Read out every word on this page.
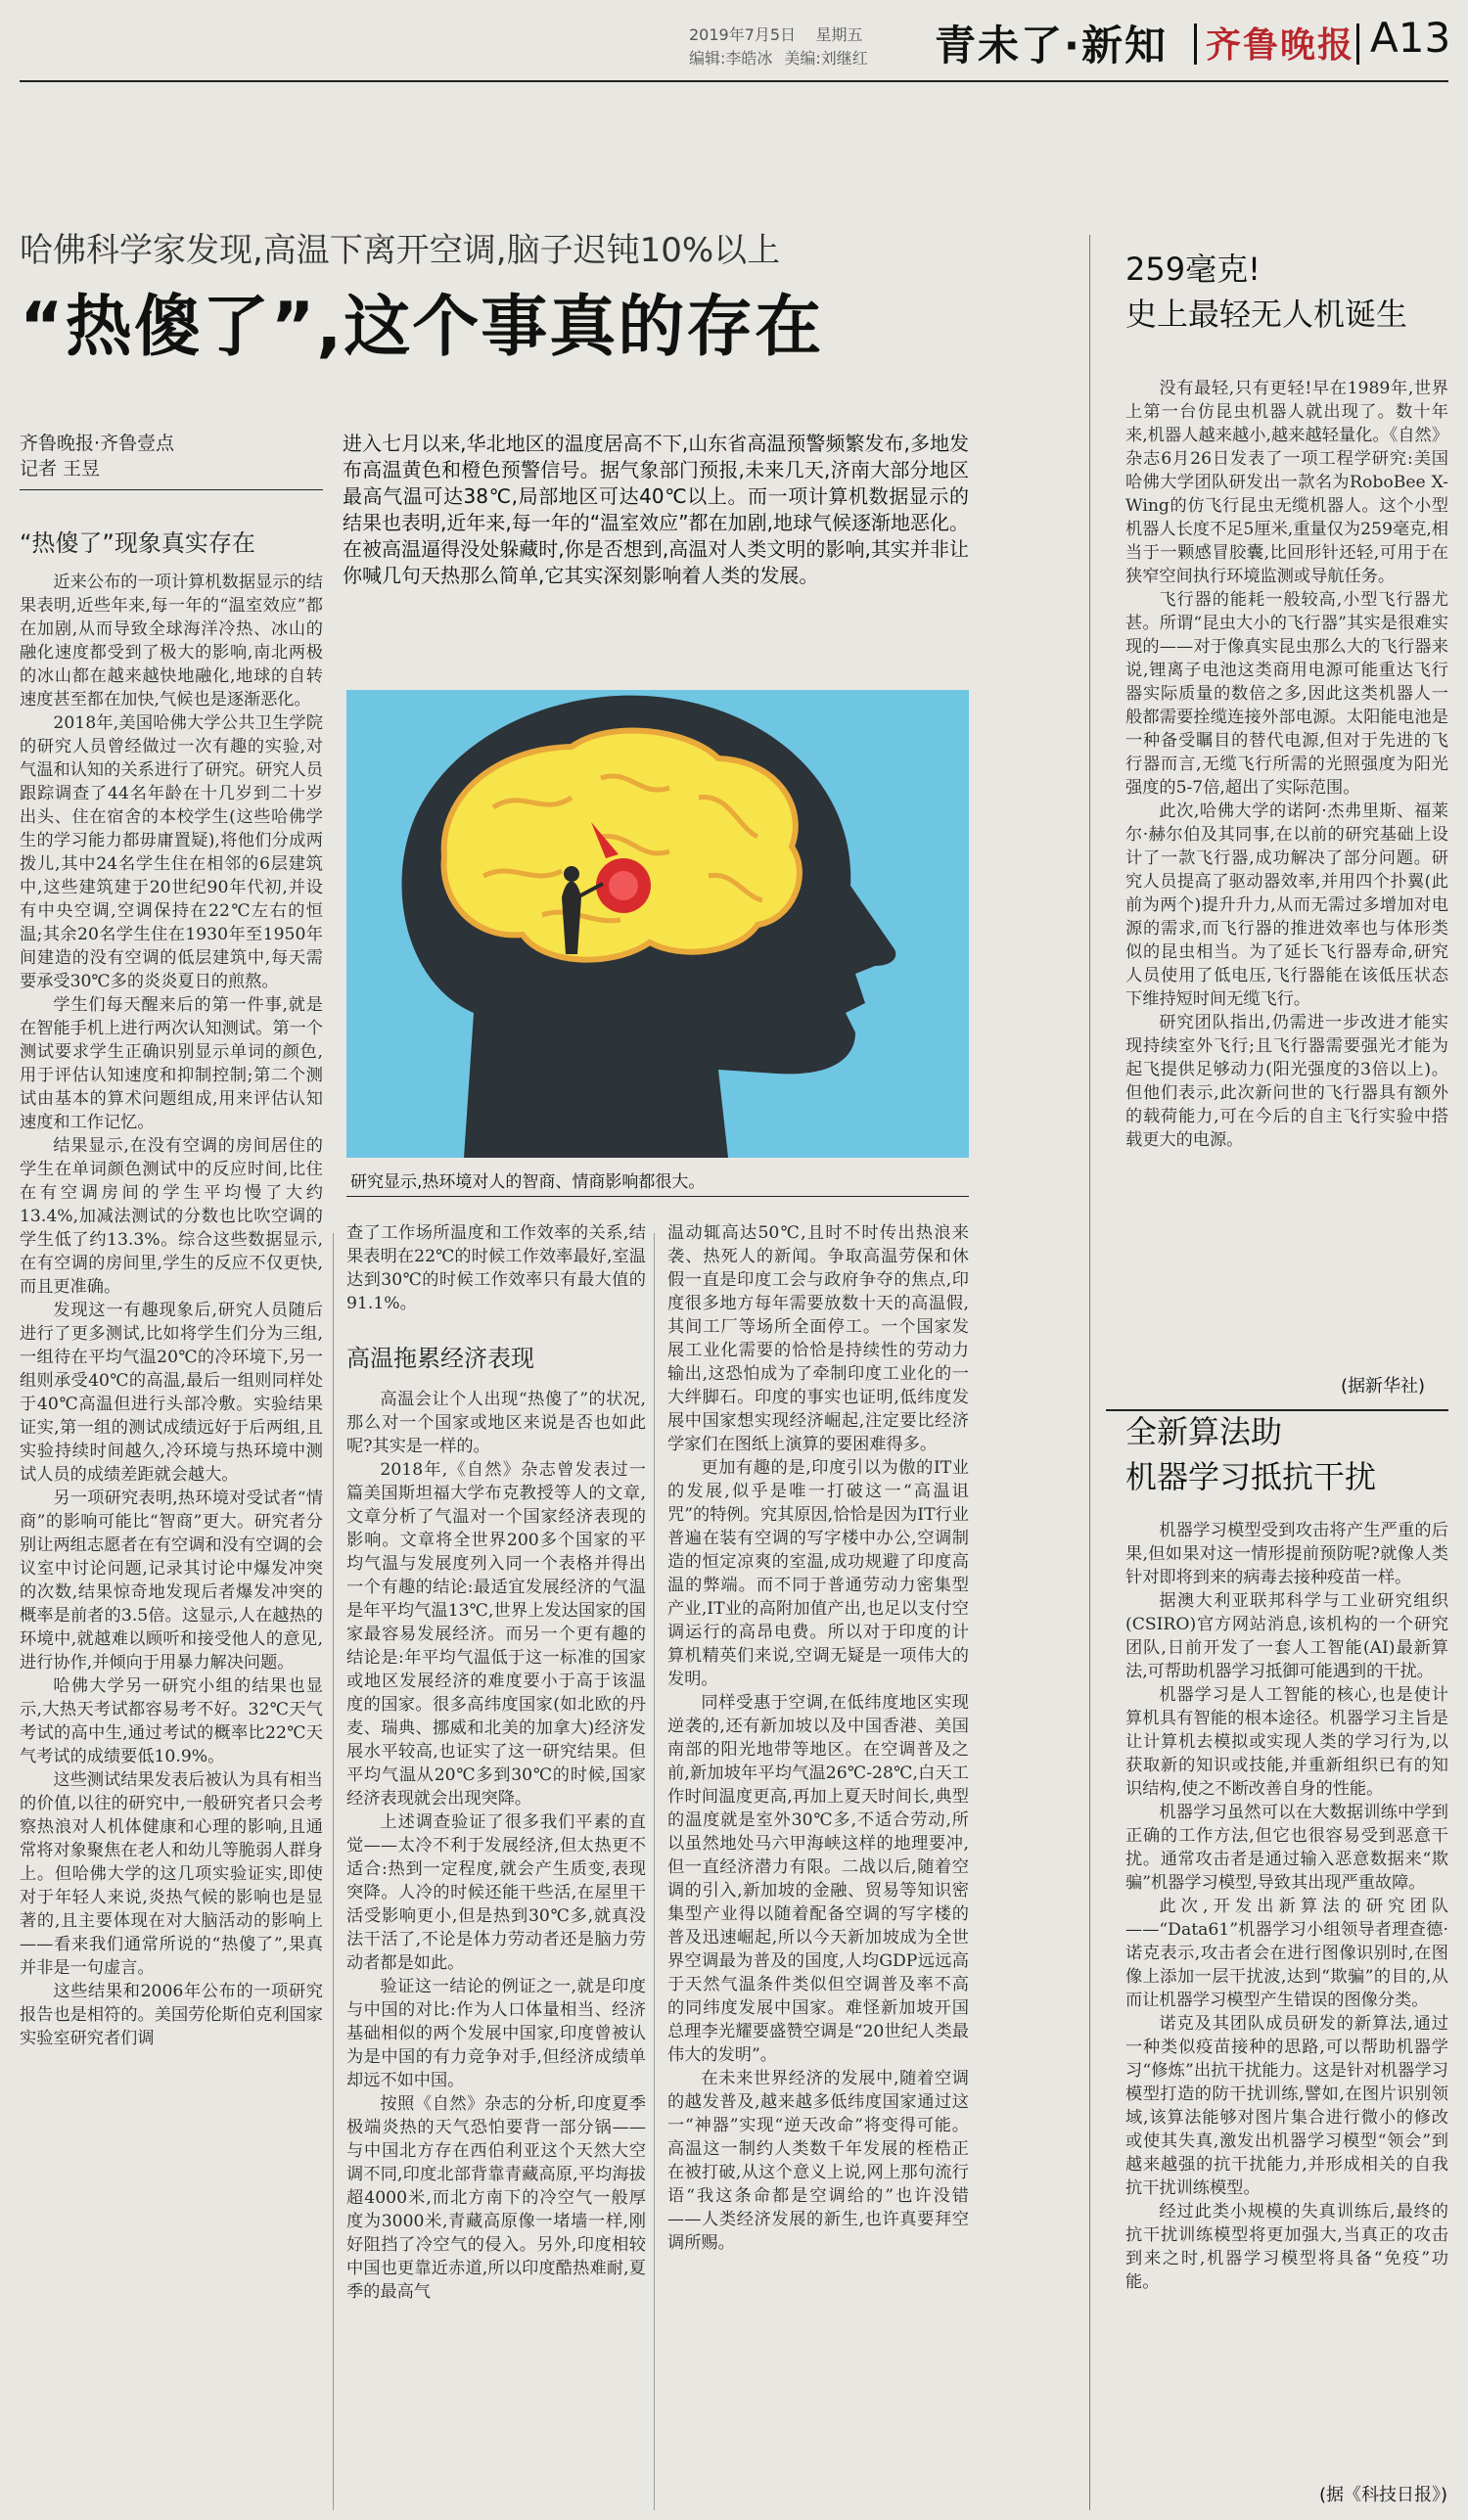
2019年7月5日 星期五
编辑:李皓冰 美编:刘继红 青未了·新知 齐鲁晚报 A13
哈佛科学家发现,高温下离开空调,脑子迟钝10%以上
“热傻了”,这个事真的存在
齐鲁晚报·齐鲁壹点
记者 王昱
进入七月以来,华北地区的温度居高不下,山东省高温预警频繁发布,多地发布高温黄色和橙色预警信号。据气象部门预报,未来几天,济南大部分地区最高气温可达38℃,局部地区可达40℃以上。而一项计算机数据显示的结果也表明,近年来,每一年的“温室效应”都在加剧,地球气候逐渐地恶化。在被高温逼得没处躲藏时,你是否想到,高温对人类文明的影响,其实并非让你喊几句天热那么简单,它其实深刻影响着人类的发展。
研究显示,热环境对人的智商、情商影响都很大。
“热傻了”现象真实存在

近来公布的一项计算机数据显示的结果表明,近些年来,每一年的“温室效应”都在加剧,从而导致全球海洋冷热、冰山的融化速度都受到了极大的影响,南北两极的冰山都在越来越快地融化,地球的自转速度甚至都在加快,气候也是逐渐恶化。

2018年,美国哈佛大学公共卫生学院的研究人员曾经做过一次有趣的实验,对气温和认知的关系进行了研究。研究人员跟踪调查了44名年龄在十几岁到二十岁出头、住在宿舍的本校学生(这些哈佛学生的学习能力都毋庸置疑),将他们分成两拨儿,其中24名学生住在相邻的6层建筑中,这些建筑建于20世纪90年代初,并设有中央空调,空调保持在22℃左右的恒温;其余20名学生住在1930年至1950年间建造的没有空调的低层建筑中,每天需要承受30℃多的炎炎夏日的煎熬。

学生们每天醒来后的第一件事,就是在智能手机上进行两次认知测试。第一个测试要求学生正确识别显示单词的颜色,用于评估认知速度和抑制控制;第二个测试由基本的算术问题组成,用来评估认知速度和工作记忆。

结果显示,在没有空调的房间居住的学生在单词颜色测试中的反应时间,比住在有空调房间的学生平均慢了大约13.4%,加减法测试的分数也比吹空调的学生低了约13.3%。综合这些数据显示,在有空调的房间里,学生的反应不仅更快,而且更准确。

发现这一有趣现象后,研究人员随后进行了更多测试,比如将学生们分为三组,一组待在平均气温20℃的冷环境下,另一组则承受40℃的高温,最后一组则同样处于40℃高温但进行头部冷敷。实验结果证实,第一组的测试成绩远好于后两组,且实验持续时间越久,冷环境与热环境中测试人员的成绩差距就会越大。

另一项研究表明,热环境对受试者“情商”的影响可能比“智商”更大。研究者分别让两组志愿者在有空调和没有空调的会议室中讨论问题,记录其讨论中爆发冲突的次数,结果惊奇地发现后者爆发冲突的概率是前者的3.5倍。这显示,人在越热的环境中,就越难以顾听和接受他人的意见,进行协作,并倾向于用暴力解决问题。

哈佛大学另一研究小组的结果也显示,大热天考试都容易考不好。32℃天气考试的高中生,通过考试的概率比22℃天气考试的成绩要低10.9%。

这些测试结果发表后被认为具有相当的价值,以往的研究中,一般研究者只会考察热浪对人机体健康和心理的影响,且通常将对象聚焦在老人和幼儿等脆弱人群身上。但哈佛大学的这几项实验证实,即使对于年轻人来说,炎热气候的影响也是显著的,且主要体现在对大脑活动的影响上——看来我们通常所说的“热傻了”,果真并非是一句虚言。

这些结果和2006年公布的一项研究报告也是相符的。美国劳伦斯伯克利国家实验室研究者们调

查了工作场所温度和工作效率的关系,结果表明在22℃的时候工作效率最好,室温达到30℃的时候工作效率只有最大值的91.1%。

高温拖累经济表现

高温会让个人出现“热傻了”的状况,那么对一个国家或地区来说是否也如此呢?其实是一样的。

2018年,《自然》杂志曾发表过一篇美国斯坦福大学布克教授等人的文章,文章分析了气温对一个国家经济表现的影响。文章将全世界200多个国家的平均气温与发展度列入同一个表格并得出一个有趣的结论:最适宜发展经济的气温是年平均气温13℃,世界上发达国家的国家最容易发展经济。而另一个更有趣的结论是:年平均气温低于这一标准的国家或地区发展经济的难度要小于高于该温度的国家。很多高纬度国家(如北欧的丹麦、瑞典、挪威和北美的加拿大)经济发展水平较高,也证实了这一研究结果。但平均气温从20℃多到30℃的时候,国家经济表现就会出现突降。

上述调查验证了很多我们平素的直觉——太冷不利于发展经济,但太热更不适合:热到一定程度,就会产生质变,表现突降。人冷的时候还能干些活,在屋里干活受影响更小,但是热到30℃多,就真没法干活了,不论是体力劳动者还是脑力劳动者都是如此。

验证这一结论的例证之一,就是印度与中国的对比:作为人口体量相当、经济基础相似的两个发展中国家,印度曾被认为是中国的有力竞争对手,但经济成绩单却远不如中国。

按照《自然》杂志的分析,印度夏季极端炎热的天气恐怕要背一部分锅——与中国北方存在西伯利亚这个天然大空调不同,印度北部背靠青藏高原,平均海拔超4000米,而北方南下的冷空气一般厚度为3000米,青藏高原像一堵墙一样,刚好阻挡了冷空气的侵入。另外,印度相较中国也更靠近赤道,所以印度酷热难耐,夏季的最高气

温动辄高达50℃,且时不时传出热浪来袭、热死人的新闻。争取高温劳保和休假一直是印度工会与政府争夺的焦点,印度很多地方每年需要放数十天的高温假,其间工厂等场所全面停工。一个国家发展工业化需要的恰恰是持续性的劳动力输出,这恐怕成为了牵制印度工业化的一大绊脚石。印度的事实也证明,低纬度发展中国家想实现经济崛起,注定要比经济学家们在图纸上演算的要困难得多。

更加有趣的是,印度引以为傲的IT业的发展,似乎是唯一打破这一“高温诅咒”的特例。究其原因,恰恰是因为IT行业普遍在装有空调的写字楼中办公,空调制造的恒定凉爽的室温,成功规避了印度高温的弊端。而不同于普通劳动力密集型产业,IT业的高附加值产出,也足以支付空调运行的高昂电费。所以对于印度的计算机精英们来说,空调无疑是一项伟大的发明。

同样受惠于空调,在低纬度地区实现逆袭的,还有新加坡以及中国香港、美国南部的阳光地带等地区。在空调普及之前,新加坡年平均气温26℃-28℃,白天工作时间温度更高,再加上夏天时间长,典型的温度就是室外30℃多,不适合劳动,所以虽然地处马六甲海峡这样的地理要冲,但一直经济潜力有限。二战以后,随着空调的引入,新加坡的金融、贸易等知识密集型产业得以随着配备空调的写字楼的普及迅速崛起,所以今天新加坡成为全世界空调最为普及的国度,人均GDP远远高于天然气温条件类似但空调普及率不高的同纬度发展中国家。难怪新加坡开国总理李光耀要盛赞空调是“20世纪人类最伟大的发明”。

在未来世界经济的发展中,随着空调的越发普及,越来越多低纬度国家通过这一“神器”实现“逆天改命”将变得可能。高温这一制约人类数千年发展的桎梏正在被打破,从这个意义上说,网上那句流行语“我这条命都是空调给的”也许没错——人类经济发展的新生,也许真要拜空调所赐。

259毫克!
史上最轻无人机诞生

没有最轻,只有更轻!早在1989年,世界上第一台仿昆虫机器人就出现了。数十年来,机器人越来越小,越来越轻量化。《自然》杂志6月26日发表了一项工程学研究:美国哈佛大学团队研发出一款名为RoboBee X-Wing的仿飞行昆虫无缆机器人。这个小型机器人长度不足5厘米,重量仅为259毫克,相当于一颗感冒胶囊,比回形针还轻,可用于在狭窄空间执行环境监测或导航任务。

飞行器的能耗一般较高,小型飞行器尤甚。所谓“昆虫大小的飞行器”其实是很难实现的——对于像真实昆虫那么大的飞行器来说,锂离子电池这类商用电源可能重达飞行器实际质量的数倍之多,因此这类机器人一般都需要拴缆连接外部电源。太阳能电池是一种备受瞩目的替代电源,但对于先进的飞行器而言,无缆飞行所需的光照强度为阳光强度的5-7倍,超出了实际范围。

此次,哈佛大学的诺阿·杰弗里斯、福莱尔·赫尔伯及其同事,在以前的研究基础上设计了一款飞行器,成功解决了部分问题。研究人员提高了驱动器效率,并用四个扑翼(此前为两个)提升升力,从而无需过多增加对电源的需求,而飞行器的推进效率也与体形类似的昆虫相当。为了延长飞行器寿命,研究人员使用了低电压,飞行器能在该低压状态下维持短时间无缆飞行。

研究团队指出,仍需进一步改进才能实现持续室外飞行;且飞行器需要强光才能为起飞提供足够动力(阳光强度的3倍以上)。但他们表示,此次新问世的飞行器具有额外的载荷能力,可在今后的自主飞行实验中搭载更大的电源。

(据新华社)
全新算法助
机器学习抵抗干扰

机器学习模型受到攻击将产生严重的后果,但如果对这一情形提前预防呢?就像人类针对即将到来的病毒去接种疫苗一样。

据澳大利亚联邦科学与工业研究组织(CSIRO)官方网站消息,该机构的一个研究团队,日前开发了一套人工智能(AI)最新算法,可帮助机器学习抵御可能遇到的干扰。

机器学习是人工智能的核心,也是使计算机具有智能的根本途径。机器学习主旨是让计算机去模拟或实现人类的学习行为,以获取新的知识或技能,并重新组织已有的知识结构,使之不断改善自身的性能。

机器学习虽然可以在大数据训练中学到正确的工作方法,但它也很容易受到恶意干扰。通常攻击者是通过输入恶意数据来“欺骗”机器学习模型,导致其出现严重故障。

此次,开发出新算法的研究团队——“Data61”机器学习小组领导者理查德·诺克表示,攻击者会在进行图像识别时,在图像上添加一层干扰波,达到“欺骗”的目的,从而让机器学习模型产生错误的图像分类。

诺克及其团队成员研发的新算法,通过一种类似疫苗接种的思路,可以帮助机器学习“修炼”出抗干扰能力。这是针对机器学习模型打造的防干扰训练,譬如,在图片识别领域,该算法能够对图片集合进行微小的修改或使其失真,激发出机器学习模型“领会”到越来越强的抗干扰能力,并形成相关的自我抗干扰训练模型。

经过此类小规模的失真训练后,最终的抗干扰训练模型将更加强大,当真正的攻击到来之时,机器学习模型将具备“免疫”功能。

(据《科技日报》)
